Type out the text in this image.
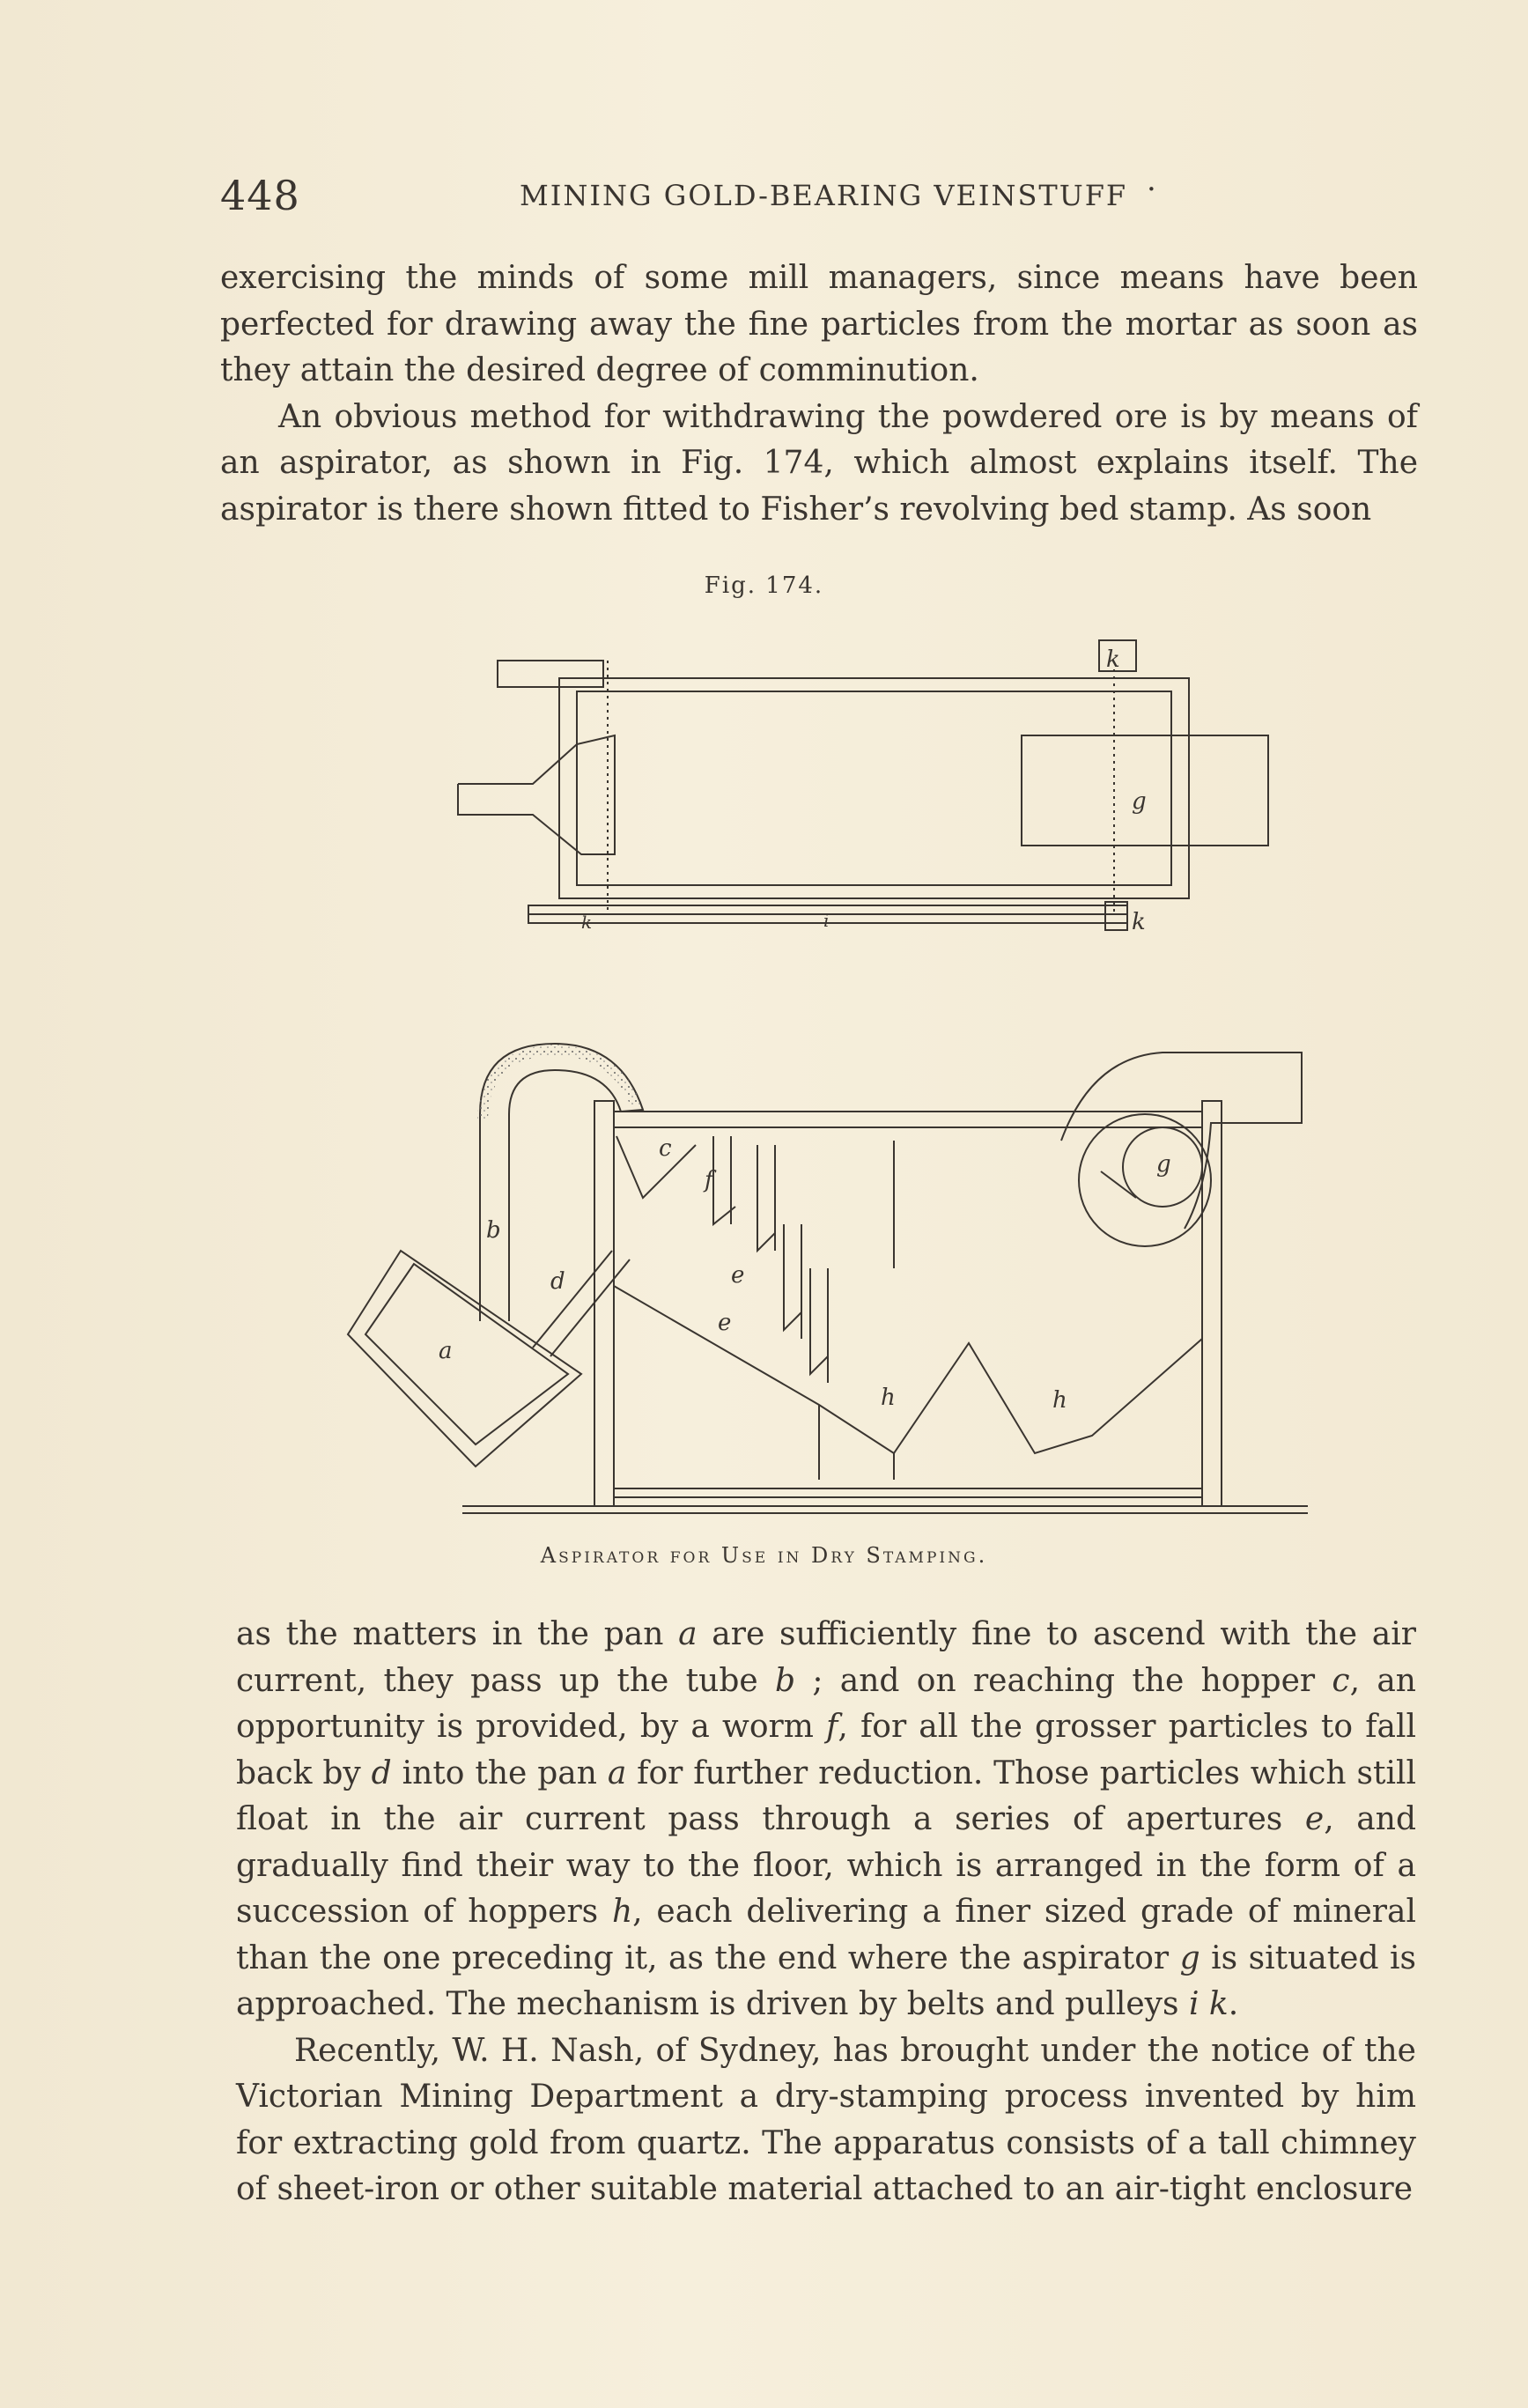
448	MINING GOLD-BEARING VEINSTUFF ·

exercising the minds of some mill managers, since means have been perfected for drawing away the fine particles from the mortar as soon as they attain the desired degree of comminution.

An obvious method for withdrawing the powdered ore is by means of an aspirator, as shown in Fig. 174, which almost explains itself. The aspirator is there shown fitted to Fisher’s revolving bed stamp. As soon

Fig. 174.
k
g
k
k	i
a
b
c
d	e
e
f
g
h	h
Aspirator for Use in Dry Stamping.

as the matters in the pan a are sufficiently fine to ascend with the air current, they pass up the tube b ; and on reaching the hopper c, an opportunity is provided, by a worm f, for all the grosser particles to fall back by d into the pan a for further reduction. Those particles which still float in the air current pass through a series of apertures e, and gradually find their way to the floor, which is arranged in the form of a succession of hoppers h, each delivering a finer sized grade of mineral than the one preceding it, as the end where the aspirator g is situated is approached. The mechanism is driven by belts and pulleys i k.

Recently, W. H. Nash, of Sydney, has brought under the notice of the Victorian Mining Department a dry-stamping process invented by him for extracting gold from quartz. The apparatus consists of a tall chimney of sheet-iron or other suitable material attached to an air-tight enclosure
